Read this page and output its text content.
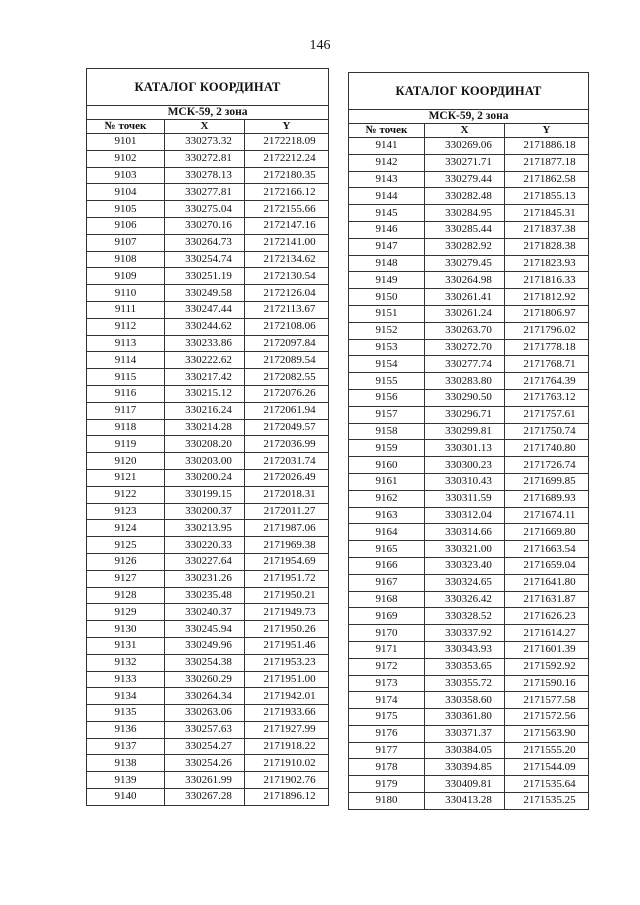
146
КАТАЛОГ КООРДИНАТ		
МСК-59, 2 зона		
№ точек	X	Y
9101	330273.32	2172218.09
9102	330272.81	2172212.24
9103	330278.13	2172180.35
9104	330277.81	2172166.12
9105	330275.04	2172155.66
9106	330270.16	2172147.16
9107	330264.73	2172141.00
9108	330254.74	2172134.62
9109	330251.19	2172130.54
9110	330249.58	2172126.04
9111	330247.44	2172113.67
9112	330244.62	2172108.06
9113	330233.86	2172097.84
9114	330222.62	2172089.54
9115	330217.42	2172082.55
9116	330215.12	2172076.26
9117	330216.24	2172061.94
9118	330214.28	2172049.57
9119	330208.20	2172036.99
9120	330203.00	2172031.74
9121	330200.24	2172026.49
9122	330199.15	2172018.31
9123	330200.37	2172011.27
9124	330213.95	2171987.06
9125	330220.33	2171969.38
9126	330227.64	2171954.69
9127	330231.26	2171951.72
9128	330235.48	2171950.21
9129	330240.37	2171949.73
9130	330245.94	2171950.26
9131	330249.96	2171951.46
9132	330254.38	2171953.23
9133	330260.29	2171951.00
9134	330264.34	2171942.01
9135	330263.06	2171933.66
9136	330257.63	2171927.99
9137	330254.27	2171918.22
9138	330254.26	2171910.02
9139	330261.99	2171902.76
9140	330267.28	2171896.12
КАТАЛОГ КООРДИНАТ		
МСК-59, 2 зона		
№ точек	X	Y
9141	330269.06	2171886.18
9142	330271.71	2171877.18
9143	330279.44	2171862.58
9144	330282.48	2171855.13
9145	330284.95	2171845.31
9146	330285.44	2171837.38
9147	330282.92	2171828.38
9148	330279.45	2171823.93
9149	330264.98	2171816.33
9150	330261.41	2171812.92
9151	330261.24	2171806.97
9152	330263.70	2171796.02
9153	330272.70	2171778.18
9154	330277.74	2171768.71
9155	330283.80	2171764.39
9156	330290.50	2171763.12
9157	330296.71	2171757.61
9158	330299.81	2171750.74
9159	330301.13	2171740.80
9160	330300.23	2171726.74
9161	330310.43	2171699.85
9162	330311.59	2171689.93
9163	330312.04	2171674.11
9164	330314.66	2171669.80
9165	330321.00	2171663.54
9166	330323.40	2171659.04
9167	330324.65	2171641.80
9168	330326.42	2171631.87
9169	330328.52	2171626.23
9170	330337.92	2171614.27
9171	330343.93	2171601.39
9172	330353.65	2171592.92
9173	330355.72	2171590.16
9174	330358.60	2171577.58
9175	330361.80	2171572.56
9176	330371.37	2171563.90
9177	330384.05	2171555.20
9178	330394.85	2171544.09
9179	330409.81	2171535.64
9180	330413.28	2171535.25
